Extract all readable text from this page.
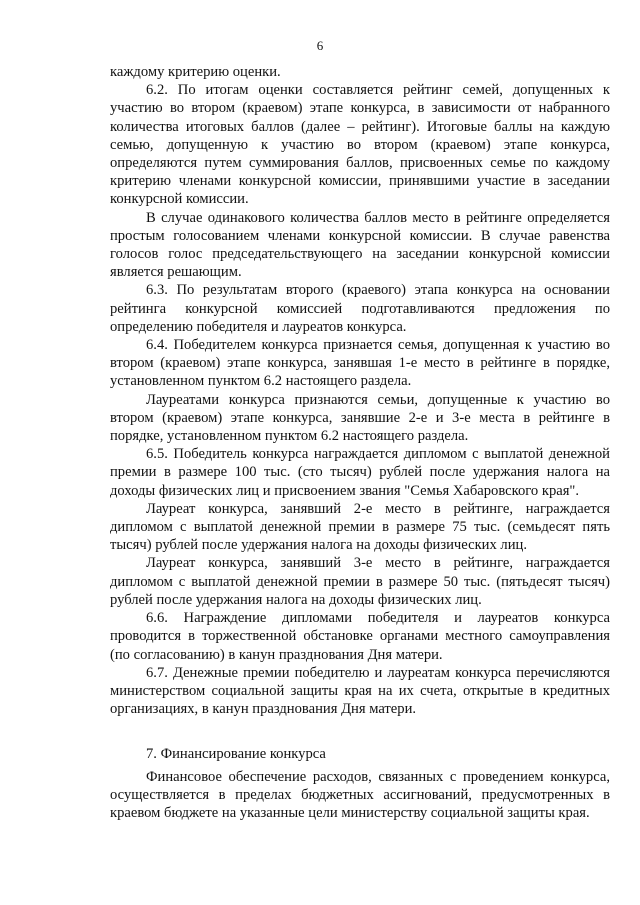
6

каждому критерию оценки.

6.2. По итогам оценки составляется рейтинг семей, допущенных к участию во втором (краевом) этапе конкурса, в зависимости от набранного количества итоговых баллов (далее – рейтинг). Итоговые баллы на каждую семью, допущенную к участию во втором (краевом) этапе конкурса, определяются путем суммирования баллов, присвоенных семье по каждому критерию членами конкурсной комиссии, принявшими участие в заседании конкурсной комиссии.

В случае одинакового количества баллов место в рейтинге определяется простым голосованием членами конкурсной комиссии. В случае равенства голосов голос председательствующего на заседании конкурсной комиссии является решающим.

6.3. По результатам второго (краевого) этапа конкурса на основании рейтинга конкурсной комиссией подготавливаются предложения по определению победителя и лауреатов конкурса.

6.4. Победителем конкурса признается семья, допущенная к участию во втором (краевом) этапе конкурса, занявшая 1-е место в рейтинге в порядке, установленном пунктом 6.2 настоящего раздела.

Лауреатами конкурса признаются семьи, допущенные к участию во втором (краевом) этапе конкурса, занявшие 2-е и 3-е места в рейтинге в порядке, установленном пунктом 6.2 настоящего раздела.

6.5. Победитель конкурса награждается дипломом с выплатой денежной премии в размере 100 тыс. (сто тысяч) рублей после удержания налога на доходы физических лиц и присвоением звания "Семья Хабаровского края".

Лауреат конкурса, занявший 2-е место в рейтинге, награждается дипломом с выплатой денежной премии в размере 75 тыс. (семьдесят пять тысяч) рублей после удержания налога на доходы физических лиц.

Лауреат конкурса, занявший 3-е место в рейтинге, награждается дипломом с выплатой денежной премии в размере 50 тыс. (пятьдесят тысяч) рублей после удержания налога на доходы физических лиц.

6.6. Награждение дипломами победителя и лауреатов конкурса проводится в торжественной обстановке органами местного самоуправления (по согласованию) в канун празднования Дня матери.

6.7. Денежные премии победителю и лауреатам конкурса перечисляются министерством социальной защиты края на их счета, открытые в кредитных организациях, в канун празднования Дня матери.

7. Финансирование конкурса

Финансовое обеспечение расходов, связанных с проведением конкурса, осуществляется в пределах бюджетных ассигнований, предусмотренных в краевом бюджете на указанные цели министерству социальной защиты края.
